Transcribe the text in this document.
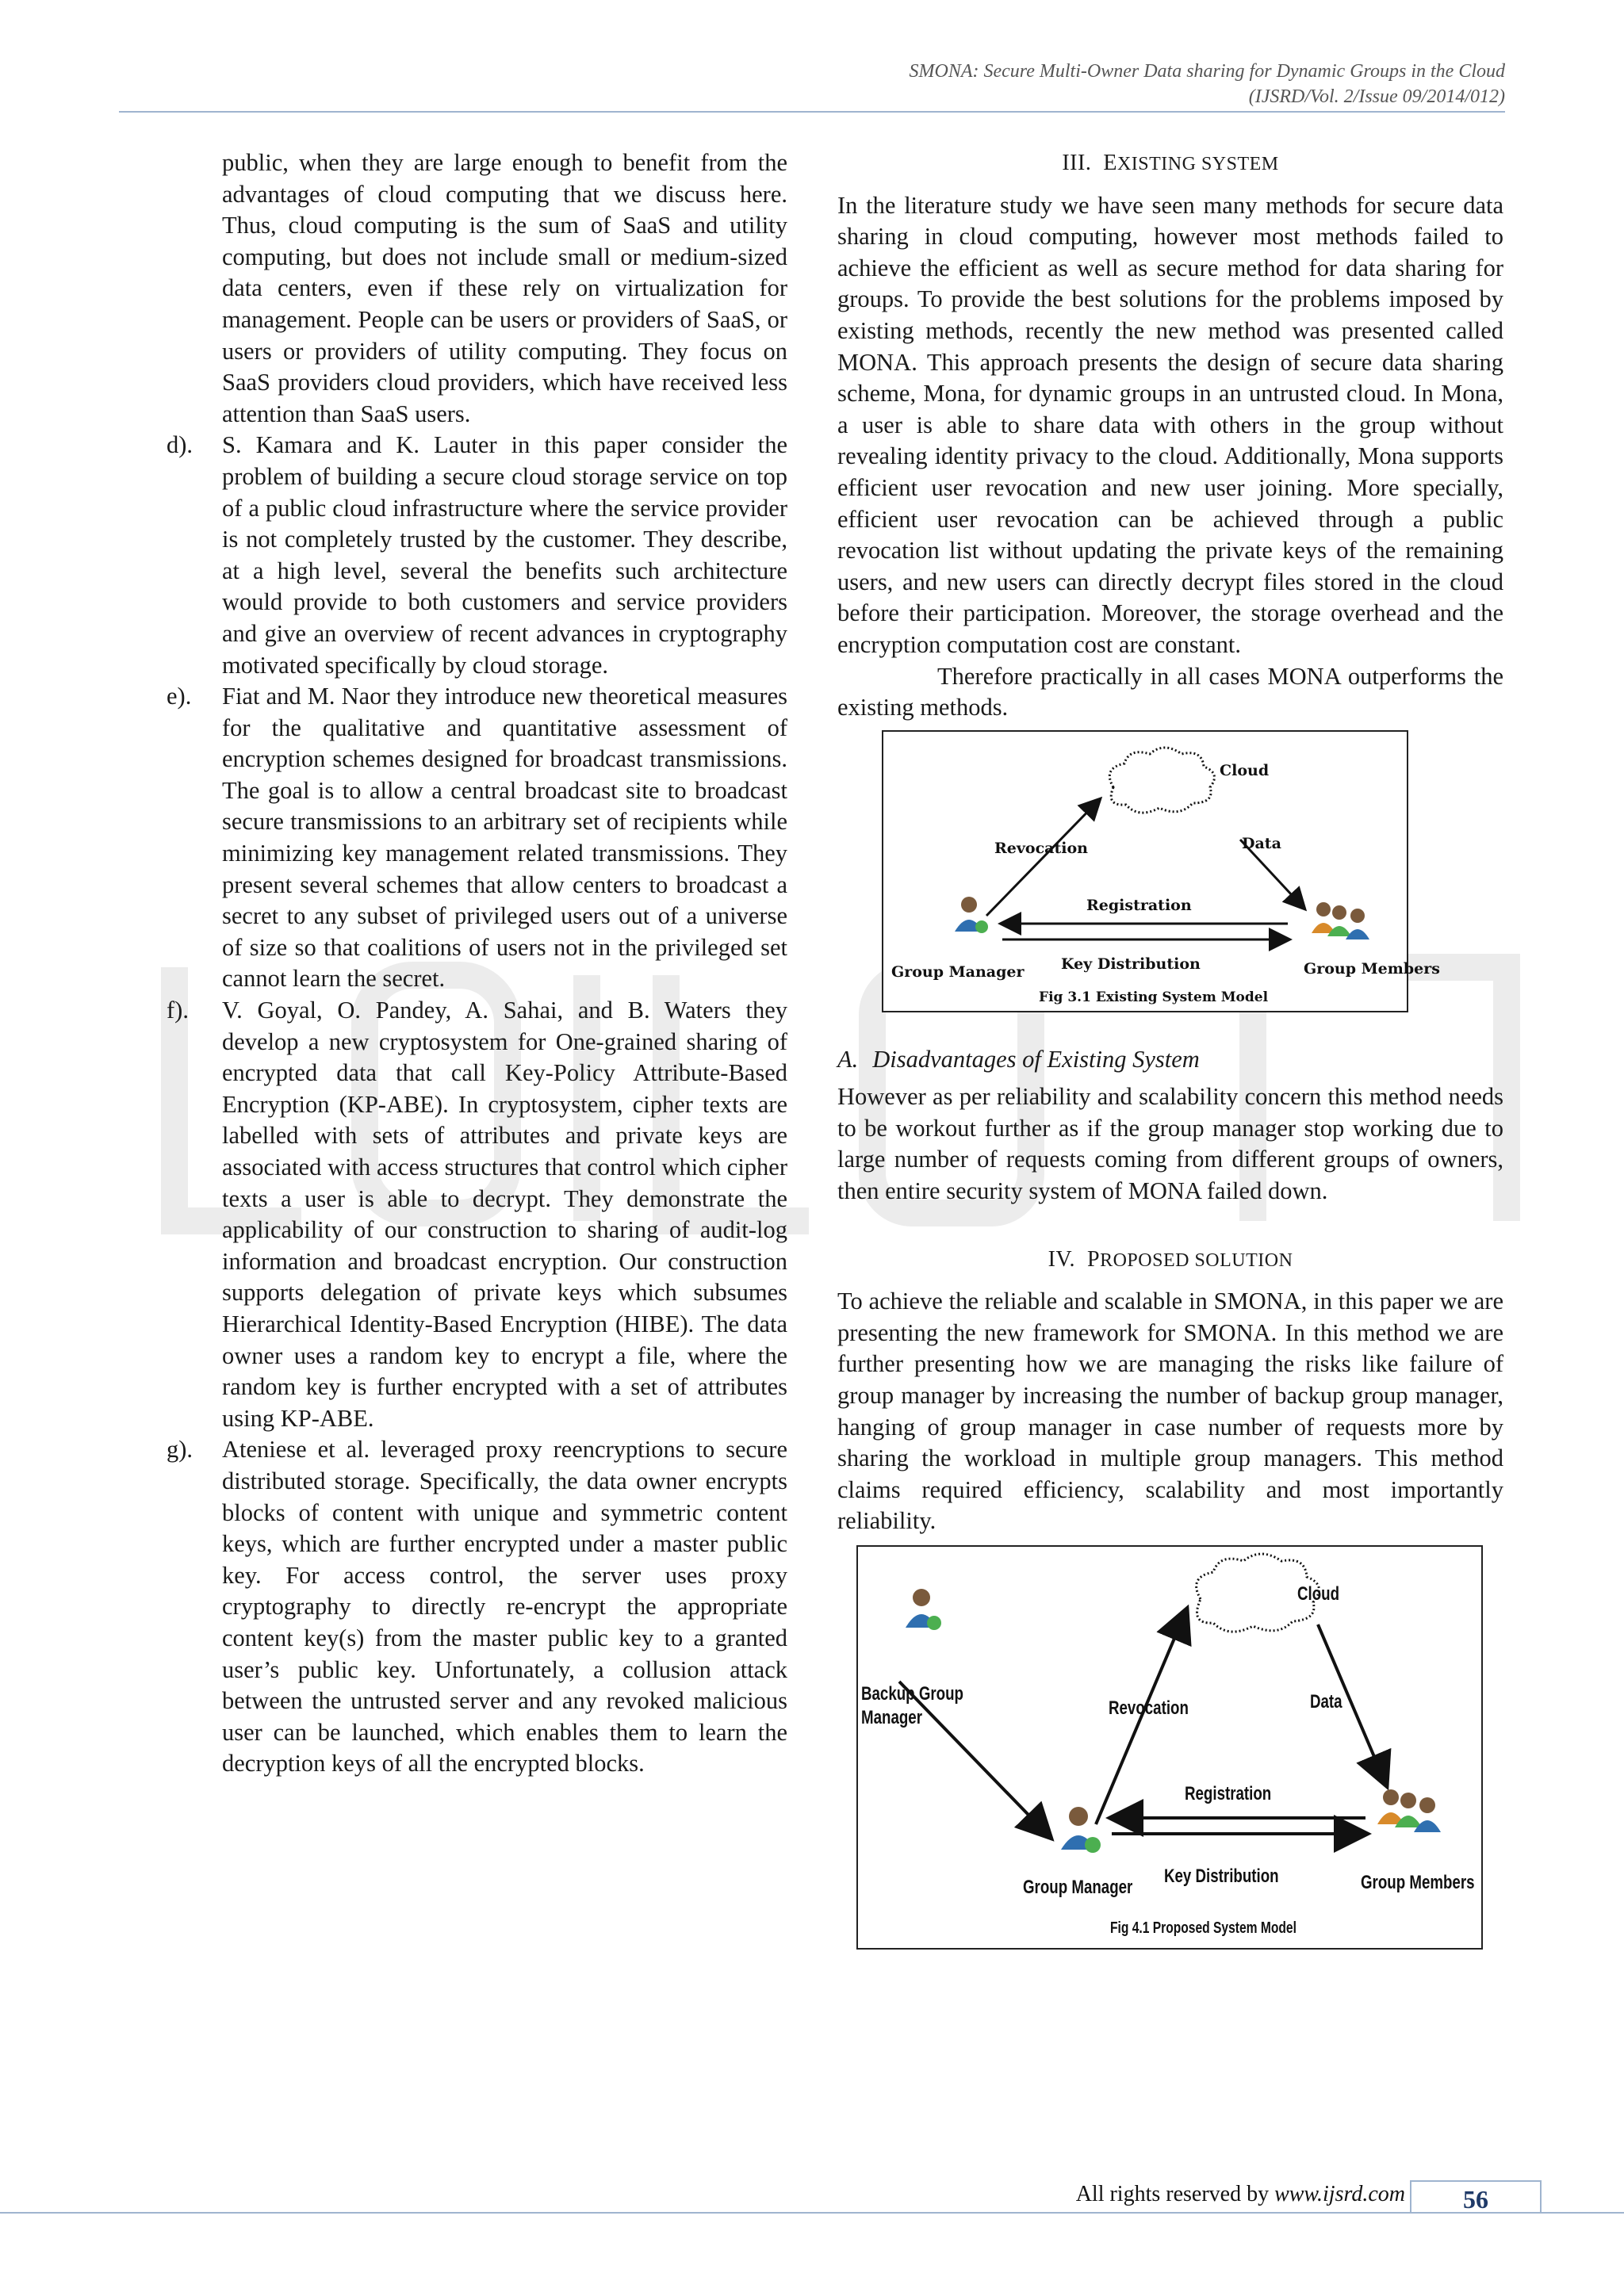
SMONA: Secure Multi-Owner Data sharing for Dynamic Groups in the Cloud
(IJSRD/Vol. 2/Issue 09/2014/012)

public, when they are large enough to benefit from the advantages of cloud computing that we discuss here. Thus, cloud computing is the sum of SaaS and utility computing, but does not include small or medium-sized data centers, even if these rely on virtualization for management. People can be users or providers of SaaS, or users or providers of utility computing. They focus on SaaS providers cloud providers, which have received less attention than SaaS users.

d). S. Kamara and K. Lauter in this paper consider the problem of building a secure cloud storage service on top of a public cloud infrastructure where the service provider is not completely trusted by the customer. They describe, at a high level, several the benefits such architecture would provide to both customers and service providers and give an overview of recent advances in cryptography motivated specifically by cloud storage.
e). Fiat and M. Naor they introduce new theoretical measures for the qualitative and quantitative assessment of encryption schemes designed for broadcast transmissions. The goal is to allow a central broadcast site to broadcast secure transmissions to an arbitrary set of recipients while minimizing key management related transmissions. They present several schemes that allow centers to broadcast a secret to any subset of privileged users out of a universe of size so that coalitions of users not in the privileged set cannot learn the secret.
f). V. Goyal, O. Pandey, A. Sahai, and B. Waters they develop a new cryptosystem for One-grained sharing of encrypted data that call Key-Policy Attribute-Based Encryption (KP-ABE). In cryptosystem, cipher texts are labelled with sets of attributes and private keys are associated with access structures that control which cipher texts a user is able to decrypt. They demonstrate the applicability of our construction to sharing of audit-log information and broadcast encryption. Our construction supports delegation of private keys which subsumes Hierarchical Identity-Based Encryption (HIBE). The data owner uses a random key to encrypt a file, where the random key is further encrypted with a set of attributes using KP-ABE.
g). Ateniese et al. leveraged proxy reencryptions to secure distributed storage. Specifically, the data owner encrypts blocks of content with unique and symmetric content keys, which are further encrypted under a master public key. For access control, the server uses proxy cryptography to directly re-encrypt the appropriate content key(s) from the master public key to a granted user’s public key. Unfortunately, a collusion attack between the untrusted server and any revoked malicious user can be launched, which enables them to learn the decryption keys of all the encrypted blocks.
III. EXISTING SYSTEM

In the literature study we have seen many methods for secure data sharing in cloud computing, however most methods failed to achieve the efficient as well as secure method for data sharing for groups. To provide the best solutions for the problems imposed by existing methods, recently the new method was presented called MONA. This approach presents the design of secure data sharing scheme, Mona, for dynamic groups in an untrusted cloud. In Mona, a user is able to share data with others in the group without revealing identity privacy to the cloud. Additionally, Mona supports efficient user revocation and new user joining. More specially, efficient user revocation can be achieved through a public revocation list without updating the private keys of the remaining users, and new users can directly decrypt files stored in the cloud before their participation. Moreover, the storage overhead and the encryption computation cost are constant.

Therefore practically in all cases MONA outperforms the existing methods.

Cloud
Revocation	Data
Registration
Key Distribution
Group Manager	Group Members
Fig 3.1 Existing System Model
A. Disadvantages of Existing System

However as per reliability and scalability concern this method needs to be workout further as if the group manager stop working due to large number of requests coming from different groups of owners, then entire security system of MONA failed down.

IV. PROPOSED SOLUTION

To achieve the reliable and scalable in SMONA, in this paper we are presenting the new framework for SMONA. In this method we are further presenting how we are managing the risks like failure of group manager by increasing the number of backup group manager, hanging of group manager in case number of requests more by sharing the workload in multiple group managers. This method claims required efficiency, scalability and most importantly reliability.

Cloud
Backup Group
Manager	Revocation	Data
Registration
Key Distribution
Group Manager	Group Members
Fig 4.1 Proposed System Model
All rights reserved by www.ijsrd.com	56
